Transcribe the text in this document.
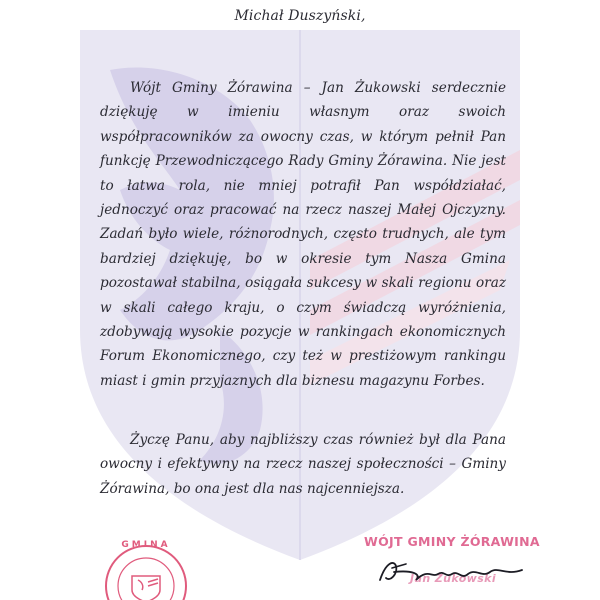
Michał Duszyński,

Wójt Gminy Żórawina – Jan Żukowski serdecznie dziękuję w imieniu własnym oraz swoich współpracowników za owocny czas, w którym pełnił Pan funkcję Przewodniczącego Rady Gminy Żórawina. Nie jest to łatwa rola, nie mniej potrafił Pan współdziałać, jednoczyć oraz pracować na rzecz naszej Małej Ojczyzny. Zadań było wiele, różnorodnych, często trudnych, ale tym bardziej dziękuję, bo w okresie tym Nasza Gmina pozostawał stabilna, osiągała sukcesy w skali regionu oraz w skali całego kraju, o czym świadczą wyróżnienia, zdobywają wysokie pozycje w rankingach ekonomicznych Forum Ekonomicznego, czy też w prestiżowym rankingu miast i gmin przyjaznych dla biznesu magazynu Forbes.

Życzę Panu, aby najbliższy czas również był dla Pana owocny i efektywny na rzecz naszej społeczności – Gminy Żórawina, bo ona jest dla nas najcenniejsza.

GMINA	WÓJT GMINY ŻÓRAWINA
Jan Żukowski
